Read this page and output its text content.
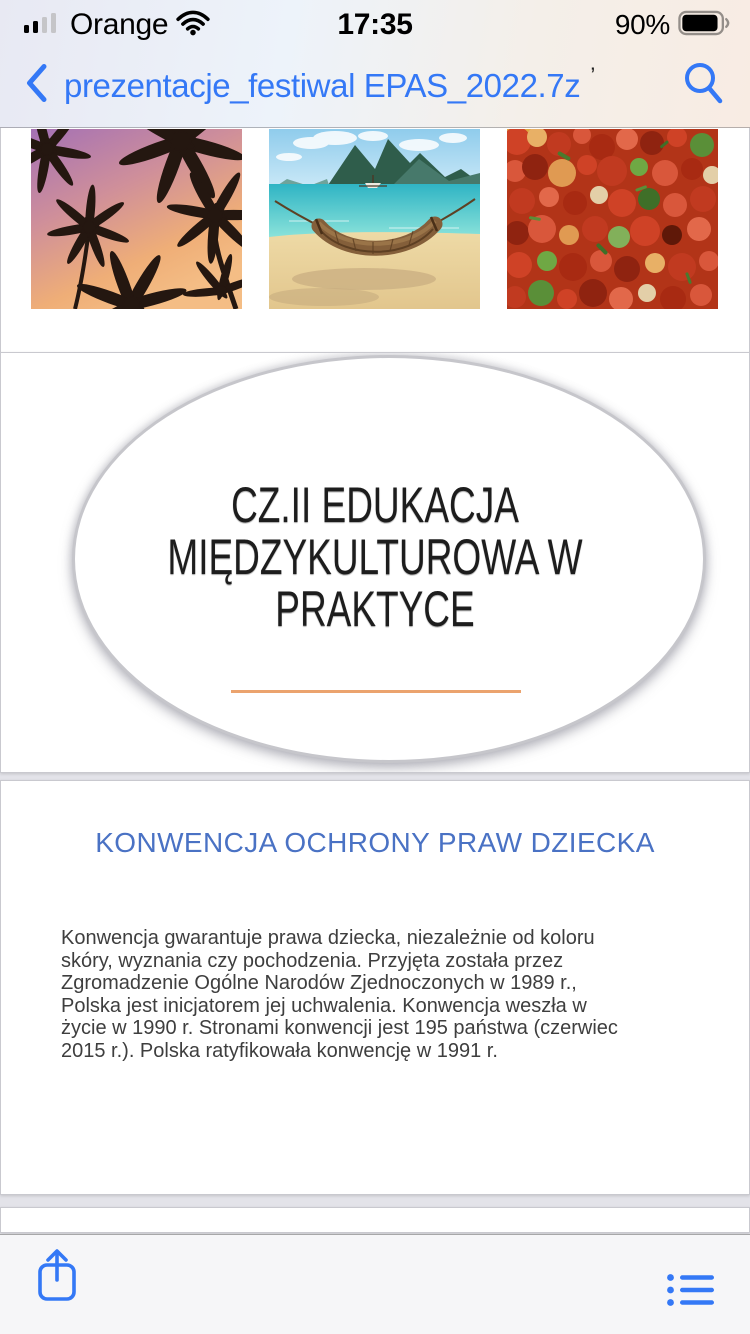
Orange	17:35	90%
prezentacje_festiwal EPAS_2022.7z ’
CZ.II EDUKACJA
MIĘDZYKULTUROWA W
PRAKTYCE
KONWENCJA OCHRONY PRAW DZIECKA
Konwencja gwarantuje prawa dziecka, niezależnie od koloru
skóry, wyznania czy pochodzenia. Przyjęta została przez
Zgromadzenie Ogólne Narodów Zjednoczonych w 1989 r.,
Polska jest inicjatorem jej uchwalenia. Konwencja weszła w
życie w 1990 r. Stronami konwencji jest 195 państwa (czerwiec
2015 r.). Polska ratyfikowała konwencję w 1991 r.
